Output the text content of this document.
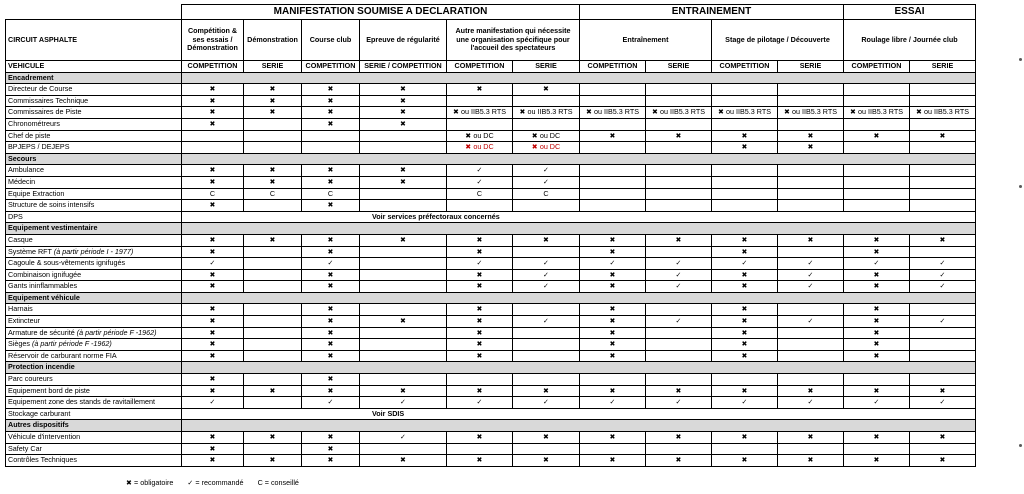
	MANIFESTATION SOUMISE A DECLARATION						ENTRAINEMENT				ESSAI	
CIRCUIT ASPHALTE	Compétition & ses essais / Démonstration	Démonstration	Course club	Epreuve de régularité	Autre manifestation qui nécessite une organisation spécifique pour l'accueil des spectateurs		Entraînement		Stage de pilotage / Découverte		Roulage libre / Journée club	
VEHICULE	COMPETITION	SERIE	COMPETITION	SERIE / COMPETITION	COMPETITION	SERIE	COMPETITION	SERIE	COMPETITION	SERIE	COMPETITION	SERIE
Encadrement												
Directeur de Course	✖	✖	✖	✖	✖	✖						
Commissaires Technique	✖	✖	✖	✖								
Commissaires de Piste	✖	✖	✖	✖	✖ ou IIB5.3 RTS	✖ ou IIB5.3 RTS	✖ ou IIB5.3 RTS	✖ ou IIB5.3 RTS	✖ ou IIB5.3 RTS	✖ ou IIB5.3 RTS	✖ ou IIB5.3 RTS	✖ ou IIB5.3 RTS
Chronométreurs	✖		✖	✖								
Chef de piste					✖ ou DC	✖ ou DC	✖	✖	✖	✖	✖	✖
BPJEPS / DEJEPS					✖ ou DC	✖ ou DC			✖	✖		
Secours												
Ambulance	✖	✖	✖	✖	✓	✓						
Médecin	✖	✖	✖	✖	✓	✓						
Equipe Extraction	C	C	C		C	C						
Structure de soins intensifs	✖		✖									
DPS	Voir services préfectoraux concernés											
Equipement vestimentaire												
Casque	✖	✖	✖	✖	✖	✖	✖	✖	✖	✖	✖	✖
Système RFT (à partir période I - 1977)	✖		✖		✖		✖		✖		✖	
Cagoule & sous-vêtements ignifugés	✓		✓		✓	✓	✓	✓	✓	✓	✓	✓
Combinaison ignifugée	✖		✖		✖	✓	✖	✓	✖	✓	✖	✓
Gants ininflammables	✖		✖		✖	✓	✖	✓	✖	✓	✖	✓
Equipement véhicule												
Harnais	✖		✖		✖		✖		✖		✖	
Extincteur	✖		✖	✖	✖	✓	✖	✓	✖	✓	✖	✓
Armature de sécurité (à partir période F -1962)	✖		✖		✖		✖		✖		✖	
Sièges (à partir période F -1962)	✖		✖		✖		✖		✖		✖	
Réservoir de carburant norme FIA	✖		✖		✖		✖		✖		✖	
Protection incendie												
Parc coureurs	✖		✖									
Equipement bord de piste	✖	✖	✖	✖	✖	✖	✖	✖	✖	✖	✖	✖
Equipement zone des stands de ravitaillement	✓		✓	✓	✓	✓	✓	✓	✓	✓	✓	✓
Stockage carburant	Voir SDIS											
Autres dispositifs												
Véhicule d'intervention	✖	✖	✖	✓	✖	✖	✖	✖	✖	✖	✖	✖
Safety Car	✖		✖									
Contrôles Techniques	✖	✖	✖	✖	✖	✖	✖	✖	✖	✖	✖	✖
✖ = obligatoire ✓ = recommandé C = conseillé
